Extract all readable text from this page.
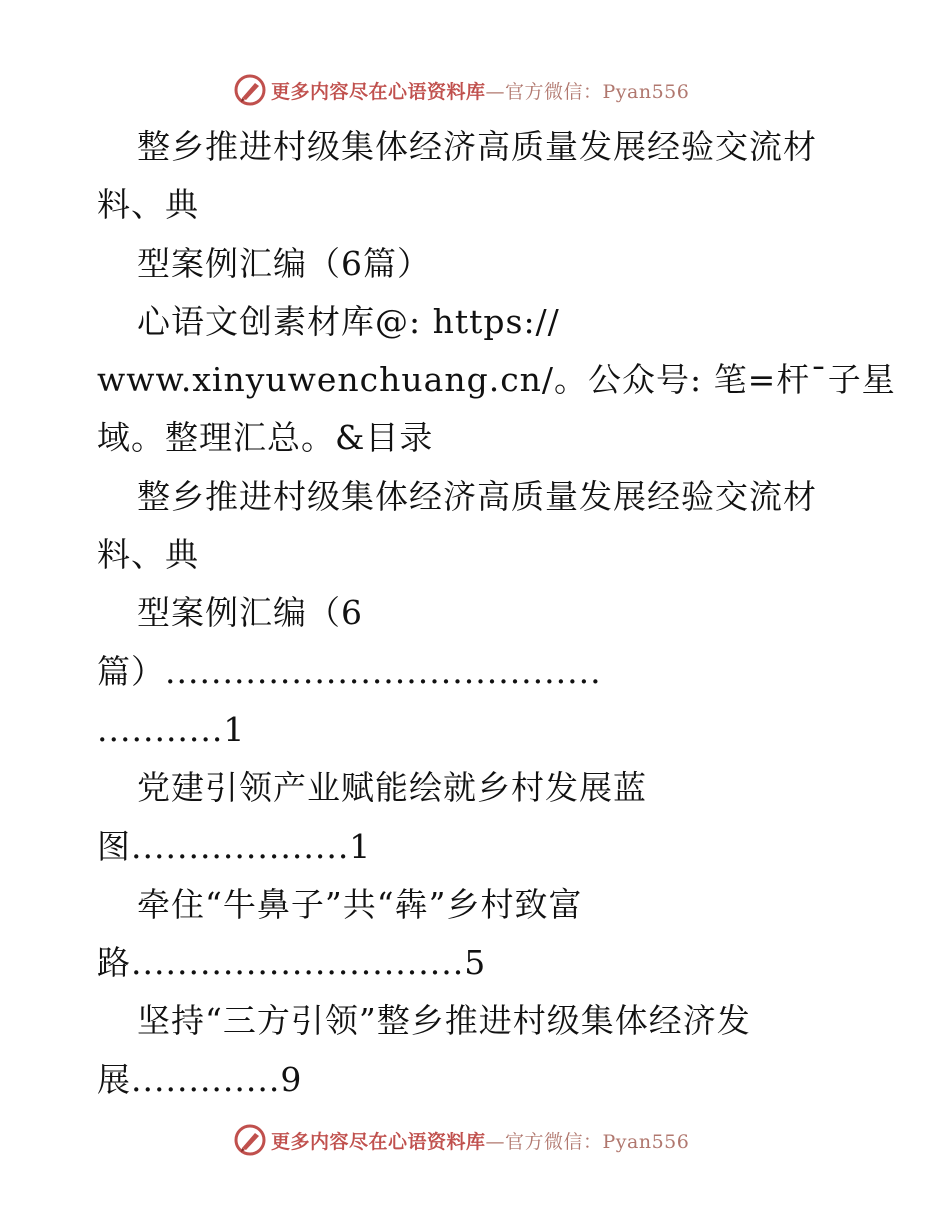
更多内容尽在心语资料库—官方微信：Pyan556
整乡推进村级集体经济高质量发展经验交流材
料、典
型案例汇编（6篇）
心语文创素材库@: https://
www.xinyuwenchuang.cn/。公众号: 笔=杆¯子星
域。整理汇总。&目录
整乡推进村级集体经济高质量发展经验交流材
料、典
型案例汇编（6
篇）......................................
...........1
党建引领产业赋能绘就乡村发展蓝
图...................1
牵住“牛鼻子”共“犇”乡村致富
路.............................5
坚持“三方引领”整乡推进村级集体经济发
展.............9
更多内容尽在心语资料库—官方微信：Pyan556
